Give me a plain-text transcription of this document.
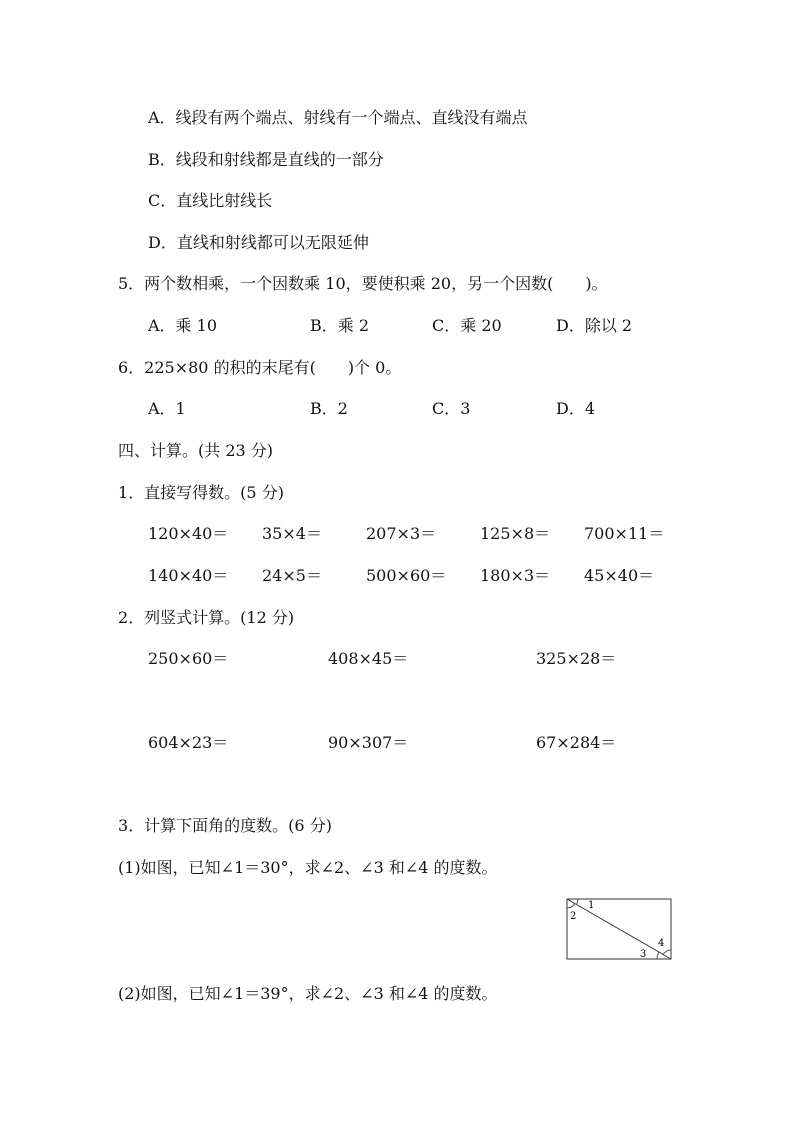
A．线段有两个端点、射线有一个端点、直线没有端点
B．线段和射线都是直线的一部分
C．直线比射线长
D．直线和射线都可以无限延伸
5．两个数相乘，一个因数乘 10，要使积乘 20，另一个因数(　　)。
A．乘 10	B．乘 2	C．乘 20	D．除以 2
6．225×80 的积的末尾有(　　)个 0。
A．1	B．2	C．3	D．4
四、计算。(共 23 分)
1．直接写得数。(5 分)
120×40＝ 35×4＝	207×3＝	125×8＝ 700×11＝
140×40＝ 24×5＝	500×60＝ 180×3＝ 45×40＝
2．列竖式计算。(12 分)
250×60＝	408×45＝	325×28＝
604×23＝	90×307＝	67×284＝
3．计算下面角的度数。(6 分)
(1)如图，已知∠1＝30°，求∠2、∠3 和∠4 的度数。
1
2
3
4
(2)如图，已知∠1＝39°，求∠2、∠3 和∠4 的度数。
